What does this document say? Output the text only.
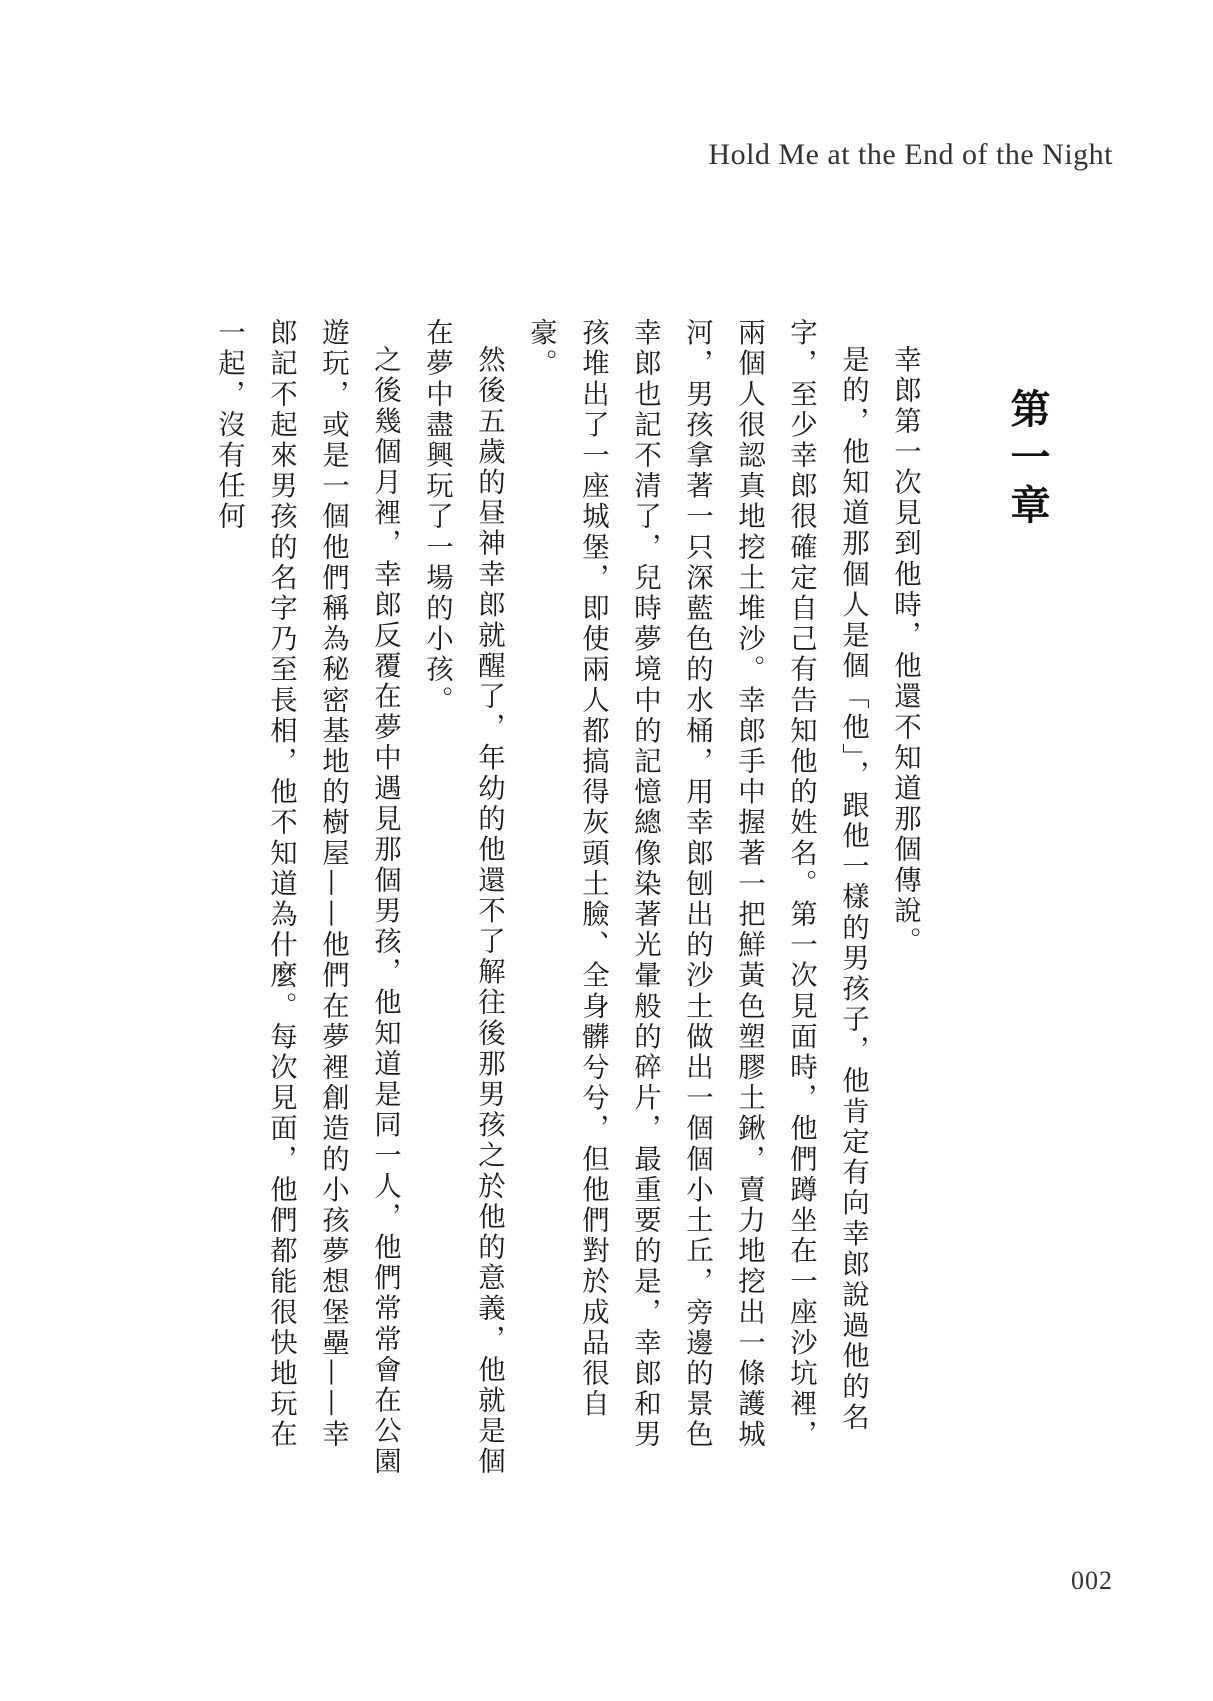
Hold Me at the End of the Night
第一章

幸郎第一次見到他時，他還不知道那個傳說。

是的，他知道那個人是個「他」，跟他一樣的男孩子，他肯定有向幸郎說過他的名字，至少幸郎很確定自己有告知他的姓名。第一次見面時，他們蹲坐在一座沙坑裡，兩個人很認真地挖土堆沙。幸郎手中握著一把鮮黃色塑膠土鍬，賣力地挖出一條護城河，男孩拿著一只深藍色的水桶，用幸郎刨出的沙土做出一個個小土丘，旁邊的景色幸郎也記不清了，兒時夢境中的記憶總像染著光暈般的碎片，最重要的是，幸郎和男孩堆出了一座城堡，即使兩人都搞得灰頭土臉、全身髒兮兮，但他們對於成品很自豪。

然後五歲的昼神幸郎就醒了，年幼的他還不了解往後那男孩之於他的意義，他就是個在夢中盡興玩了一場的小孩。

之後幾個月裡，幸郎反覆在夢中遇見那個男孩，他知道是同一人，他們常常會在公園遊玩，或是一個他們稱為秘密基地的樹屋——他們在夢裡創造的小孩夢想堡壘——幸郎記不起來男孩的名字乃至長相，他不知道為什麼。每次見面，他們都能很快地玩在一起，沒有任何

002
